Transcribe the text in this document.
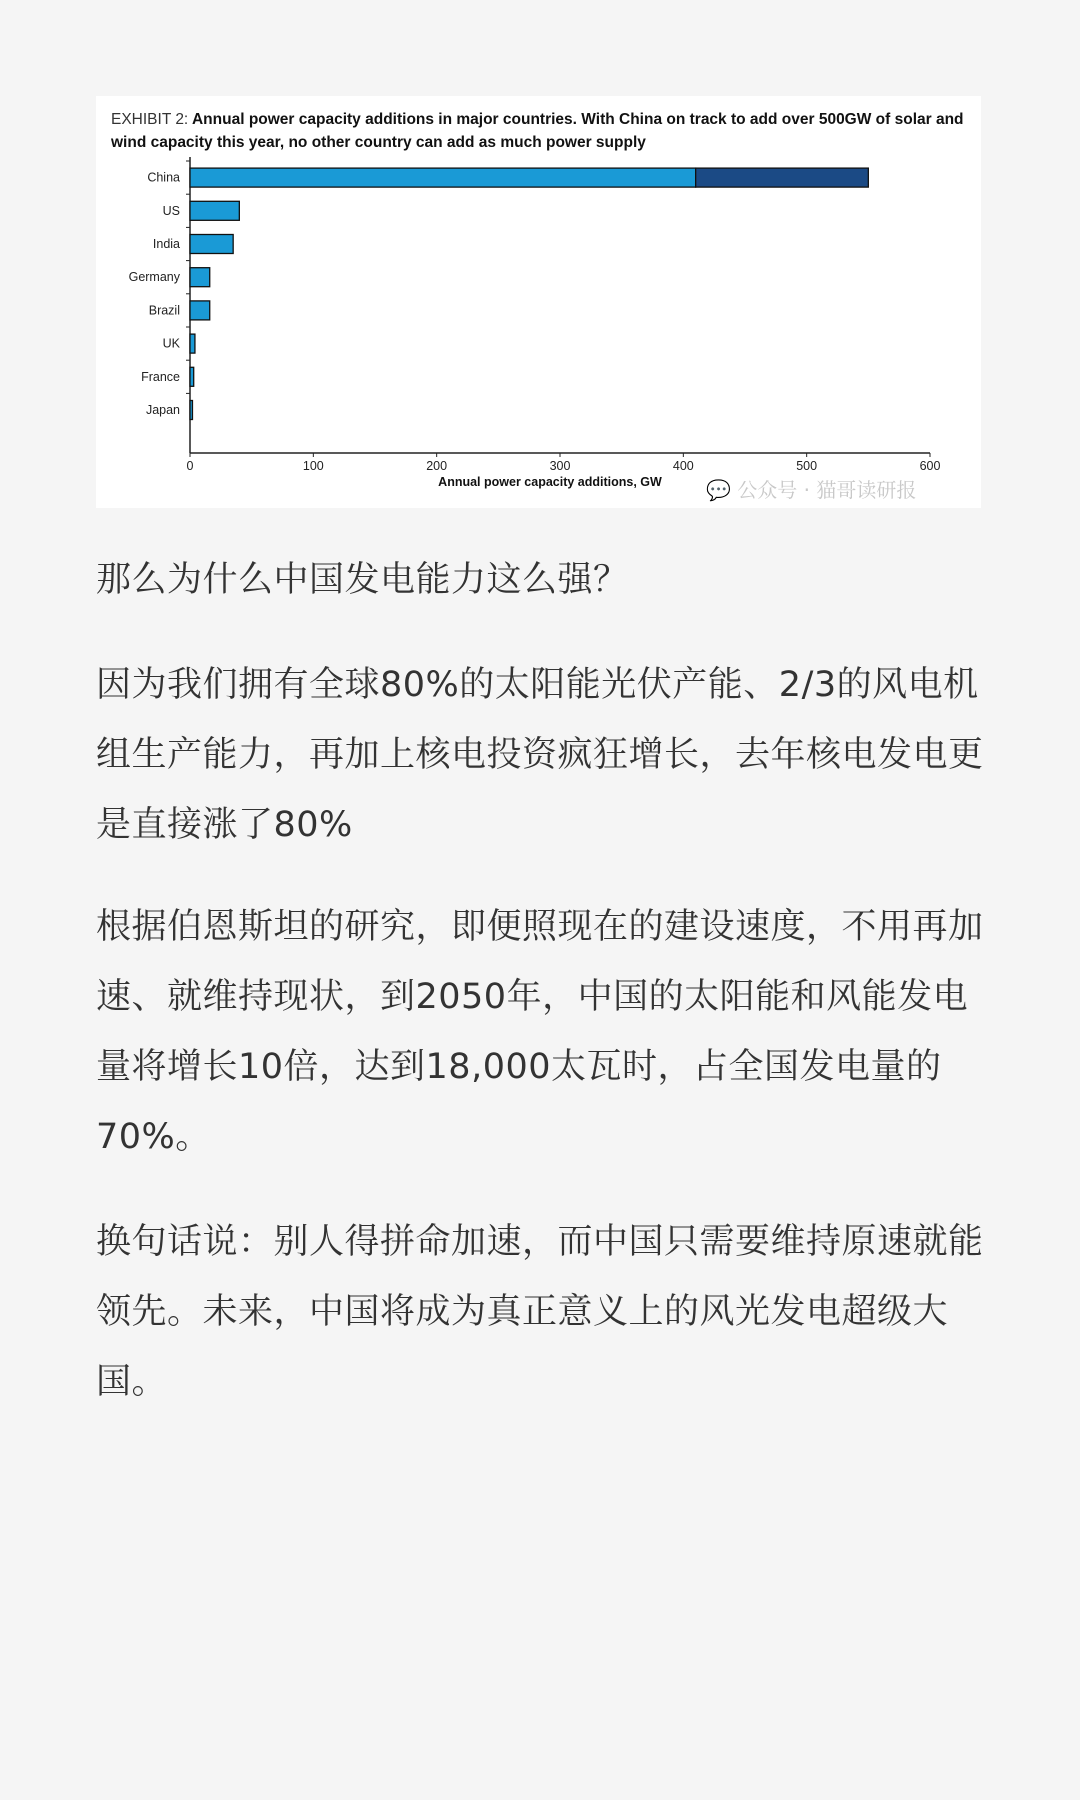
EXHIBIT 2: Annual power capacity additions in major countries. With China on track to add over 500GW of solar and wind capacity this year, no other country can add as much power supply
China
US
India
Germany
Brazil
UK
France
Japan
0	100	200	300	400	500	600
Annual power capacity additions, GW 💬 公众号 · 猫哥读研报
那么为什么中国发电能力这么强？
因为我们拥有全球80%的太阳能光伏产能、2/3的风电机组生产能力，再加上核电投资疯狂增长，去年核电发电更是直接涨了80%
根据伯恩斯坦的研究，即便照现在的建设速度，不用再加速、就维持现状，到2050年，中国的太阳能和风能发电量将增长10倍，达到18,000太瓦时，占全国发电量的70%。
换句话说：别人得拼命加速，而中国只需要维持原速就能领先。未来，中国将成为真正意义上的风光发电超级大国。
